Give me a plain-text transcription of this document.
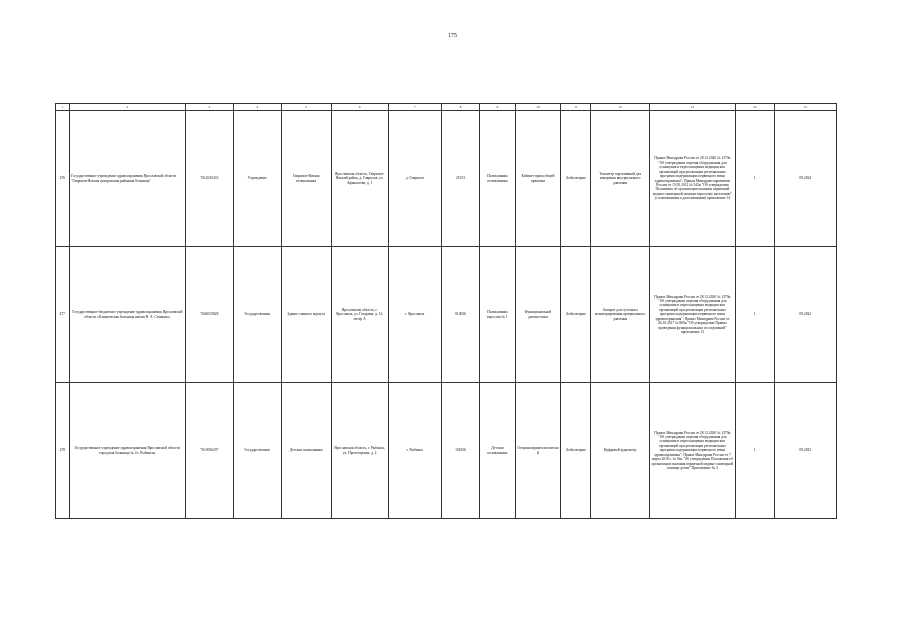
175
1	2	3	4	5	6	7	8	9	10	11	12	13	14	15
476	Государственное учреждение здравоохранения Ярославской области "Гаврилов-Ямская центральная районная больница"	7612010433	Учреждение	Гаврилов-Ямская поликлиника	Ярославская область, Гаврилов-Ямский район, д. Гаврилов, ул. Афанасьева, д. 1	д. Гаврилов	25153	Поликлиника поликлиники	Кабинет врача общей практики	Амбулаторно	Тонометр портативный для измерения внутриглазного давления	Приказ Минздрава России от 28.12.2020 № 1379н "Об утверждении перечня оборудования для оснащения и переоснащения медицинских организаций при реализации региональных программ модернизации первичного звена здравоохранения"; Приказ Минздравсоцразвития России от 15.05.2012 № 543н "Об утверждении Положения об организации оказания первичной медико-санитарной помощи взрослому населению" (с изменениями и дополнениями) приложение 14	1	09.2024
477	Государственное бюджетное учреждение здравоохранения Ярославской области «Клиническая больница имени Н. А. Семашко»	7604015828	Государственная	Здание главного корпуса	Ярославская область, г. Ярославль, ул. Гагарина, д. 12, литер А	г. Ярославль	010036	Поликлиника взрослая № 1	Функциональной диагностики	Амбулаторно	Аппарат для суточного мониторирования артериального давления	Приказ Минздрава России от 28.12.2020 № 1379н "Об утверждении перечня оборудования для оснащения и переоснащения медицинских организаций при реализации региональных программ модернизации первичного звена здравоохранения"; Приказ Минздрава России от 26.10.2017 № 869н "Об утверждении Правил проведения функциональных исследований" приложение 13	1	09.2022
478	Государственное учреждение здравоохранения Ярославской области городская больница № 4 г. Рыбинска	7610036207	Государственное	Детская поликлиника	Ярославская область, г. Рыбинск, ул. Пролетарская, д. 2	г. Рыбинск	101836	Детская поликлиника	Оториноларингологический	Амбулаторно	Цифровой аудиометр	Приказ Минздрава России от 28.12.2020 № 1379н "Об утверждении перечня оборудования для оснащения и переоснащения медицинских организаций при реализации региональных программ модернизации первичного звена здравоохранения"; Приказ Минздрава России от 7 марта 2018 г. № 92н "Об утверждении Положения об организации оказания первичной медико-санитарной помощи детям" Приложение № 3	1	09.2023
